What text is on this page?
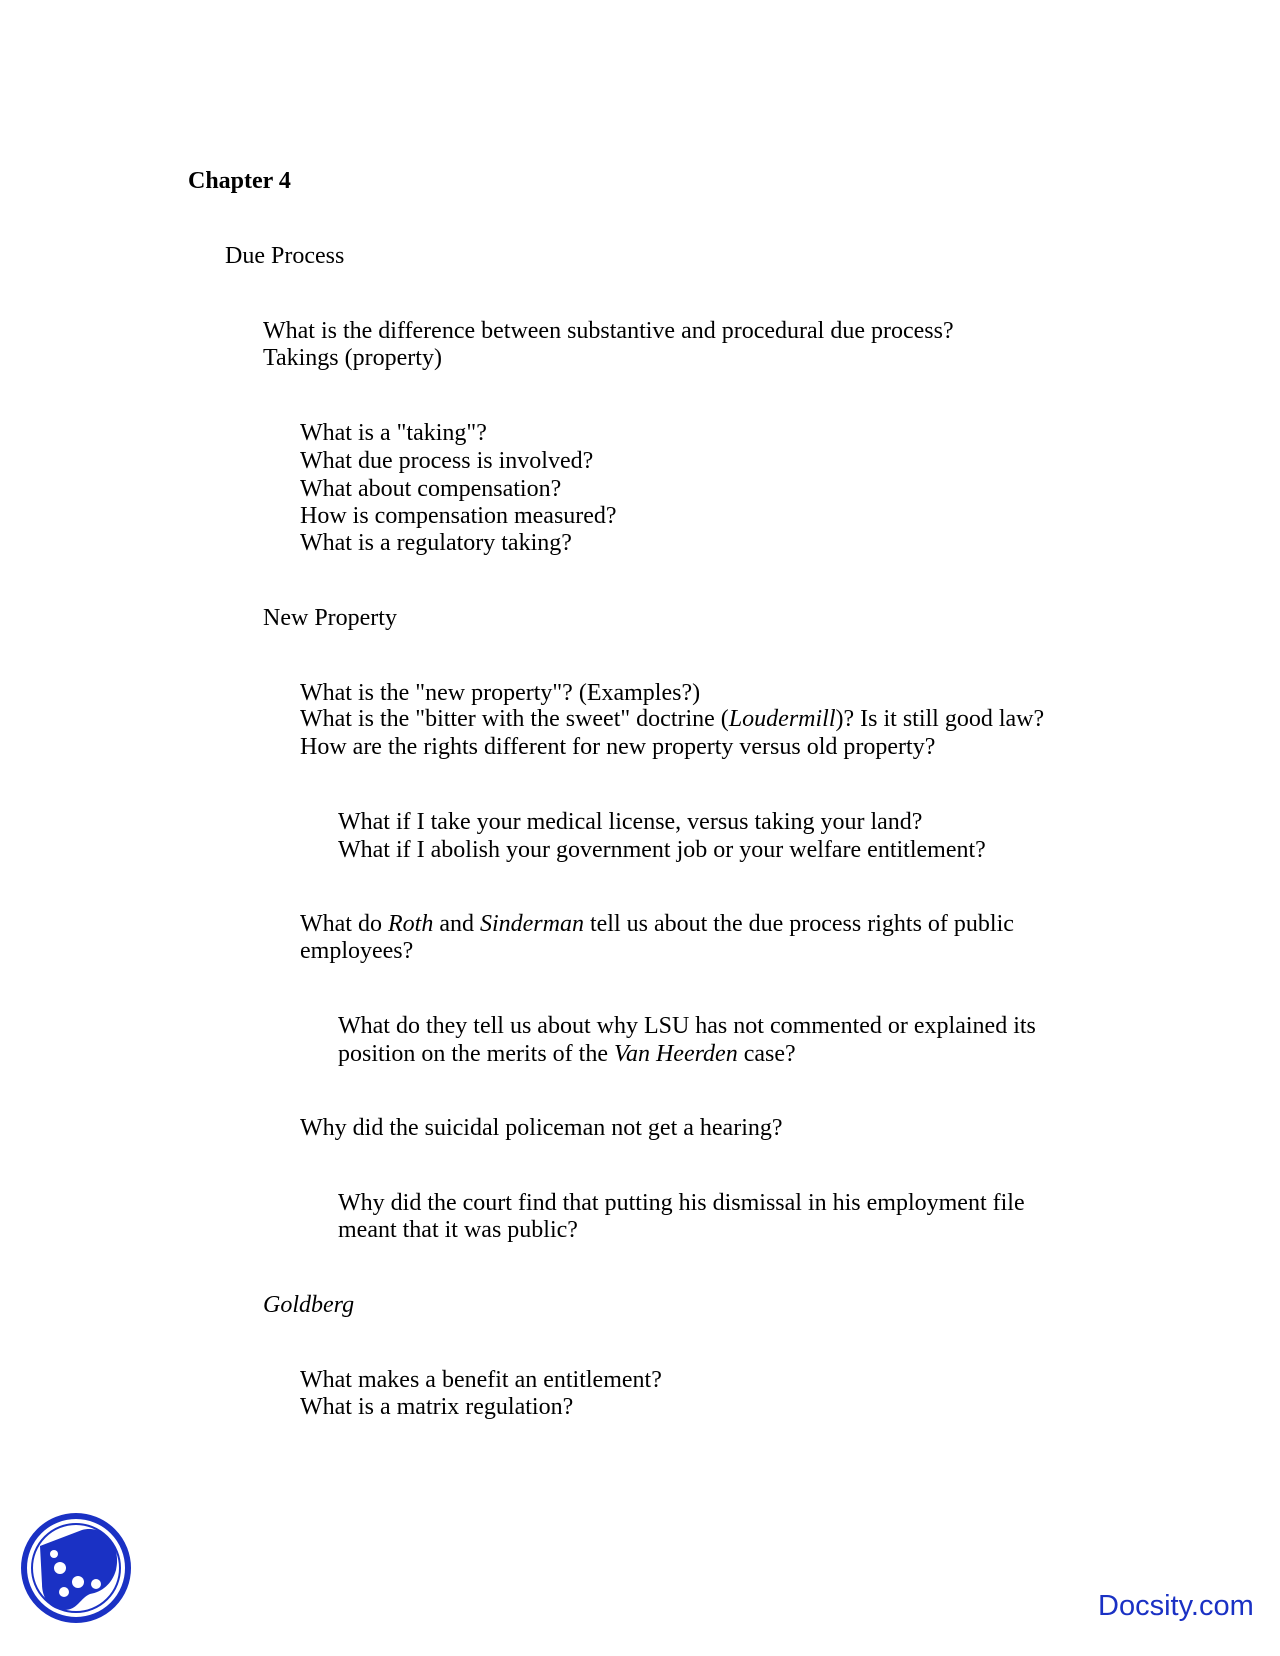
Chapter 4

Due Process

What is the difference between substantive and procedural due process?

Takings (property)

What is a "taking"?

What due process is involved?

What about compensation?

How is compensation measured?

What is a regulatory taking?

New Property

What is the "new property"? (Examples?)

What is the "bitter with the sweet" doctrine (Loudermill)? Is it still good law?

How are the rights different for new property versus old property?

What if I take your medical license, versus taking your land?

What if I abolish your government job or your welfare entitlement?

What do Roth and Sinderman tell us about the due process rights of public

employees?

What do they tell us about why LSU has not commented or explained its

position on the merits of the Van Heerden case?

Why did the suicidal policeman not get a hearing?

Why did the court find that putting his dismissal in his employment file

meant that it was public?

Goldberg

What makes a benefit an entitlement?

What is a matrix regulation?

Docsity.com
